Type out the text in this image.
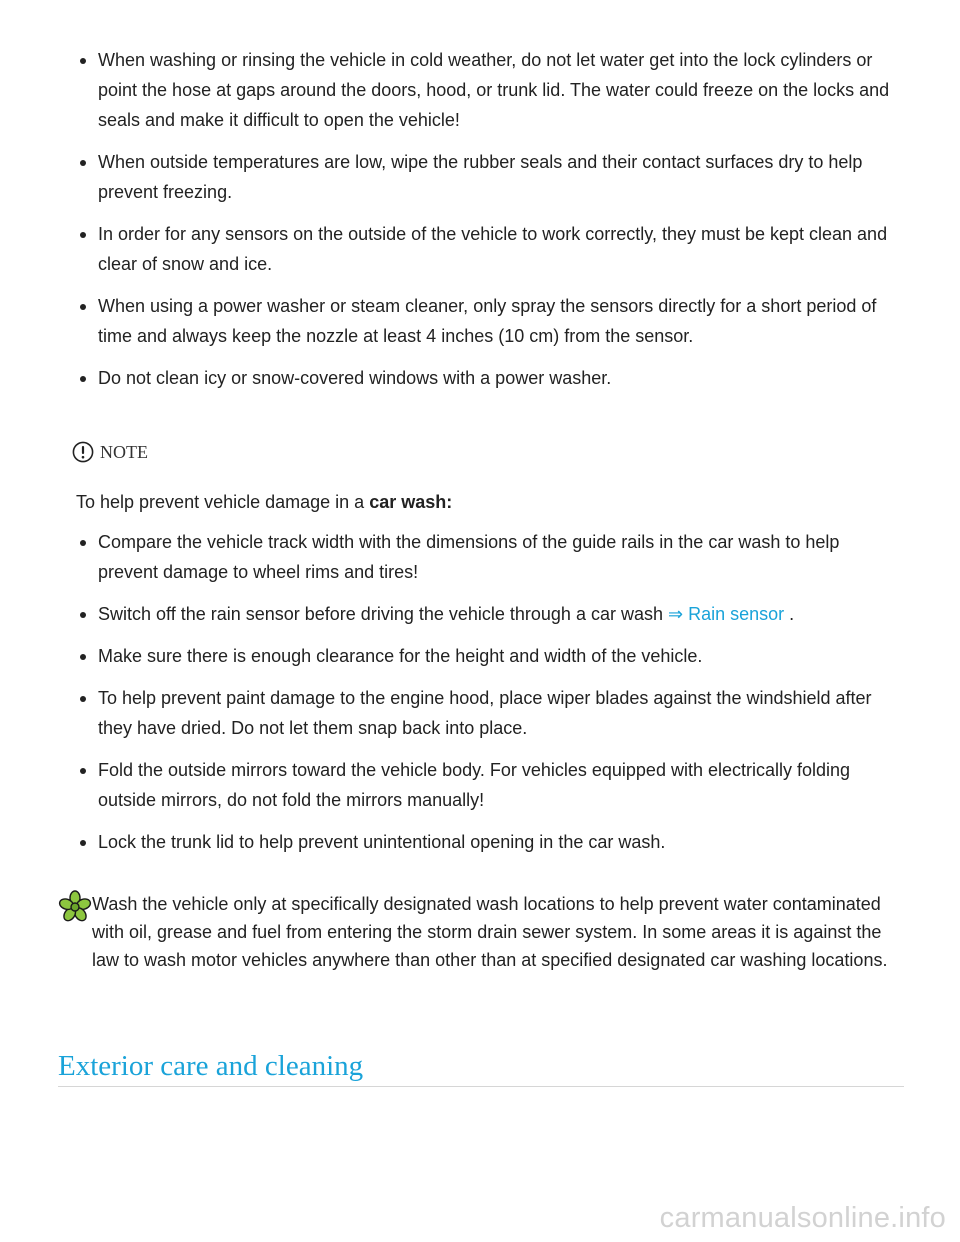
When washing or rinsing the vehicle in cold weather, do not let water get into the lock cylinders or point the hose at gaps around the doors, hood, or trunk lid. The water could freeze on the locks and seals and make it difficult to open the vehicle!
When outside temperatures are low, wipe the rubber seals and their contact surfaces dry to help prevent freezing.
In order for any sensors on the outside of the vehicle to work correctly, they must be kept clean and clear of snow and ice.
When using a power washer or steam cleaner, only spray the sensors directly for a short period of time and always keep the nozzle at least 4 inches (10 cm) from the sensor.
Do not clean icy or snow-covered windows with a power washer.
NOTE
To help prevent vehicle damage in a car wash:
Compare the vehicle track width with the dimensions of the guide rails in the car wash to help prevent damage to wheel rims and tires!
Switch off the rain sensor before driving the vehicle through a car wash ⇒ Rain sensor .
Make sure there is enough clearance for the height and width of the vehicle.
To help prevent paint damage to the engine hood, place wiper blades against the windshield after they have dried. Do not let them snap back into place.
Fold the outside mirrors toward the vehicle body. For vehicles equipped with electrically folding outside mirrors, do not fold the mirrors manually!
Lock the trunk lid to help prevent unintentional opening in the car wash.

Wash the vehicle only at specifically designated wash locations to help prevent water contaminated with oil, grease and fuel from entering the storm drain sewer system. In some areas it is against the law to wash motor vehicles anywhere than other than at specified designated car washing locations.

Exterior care and cleaning
carmanualsonline.info
